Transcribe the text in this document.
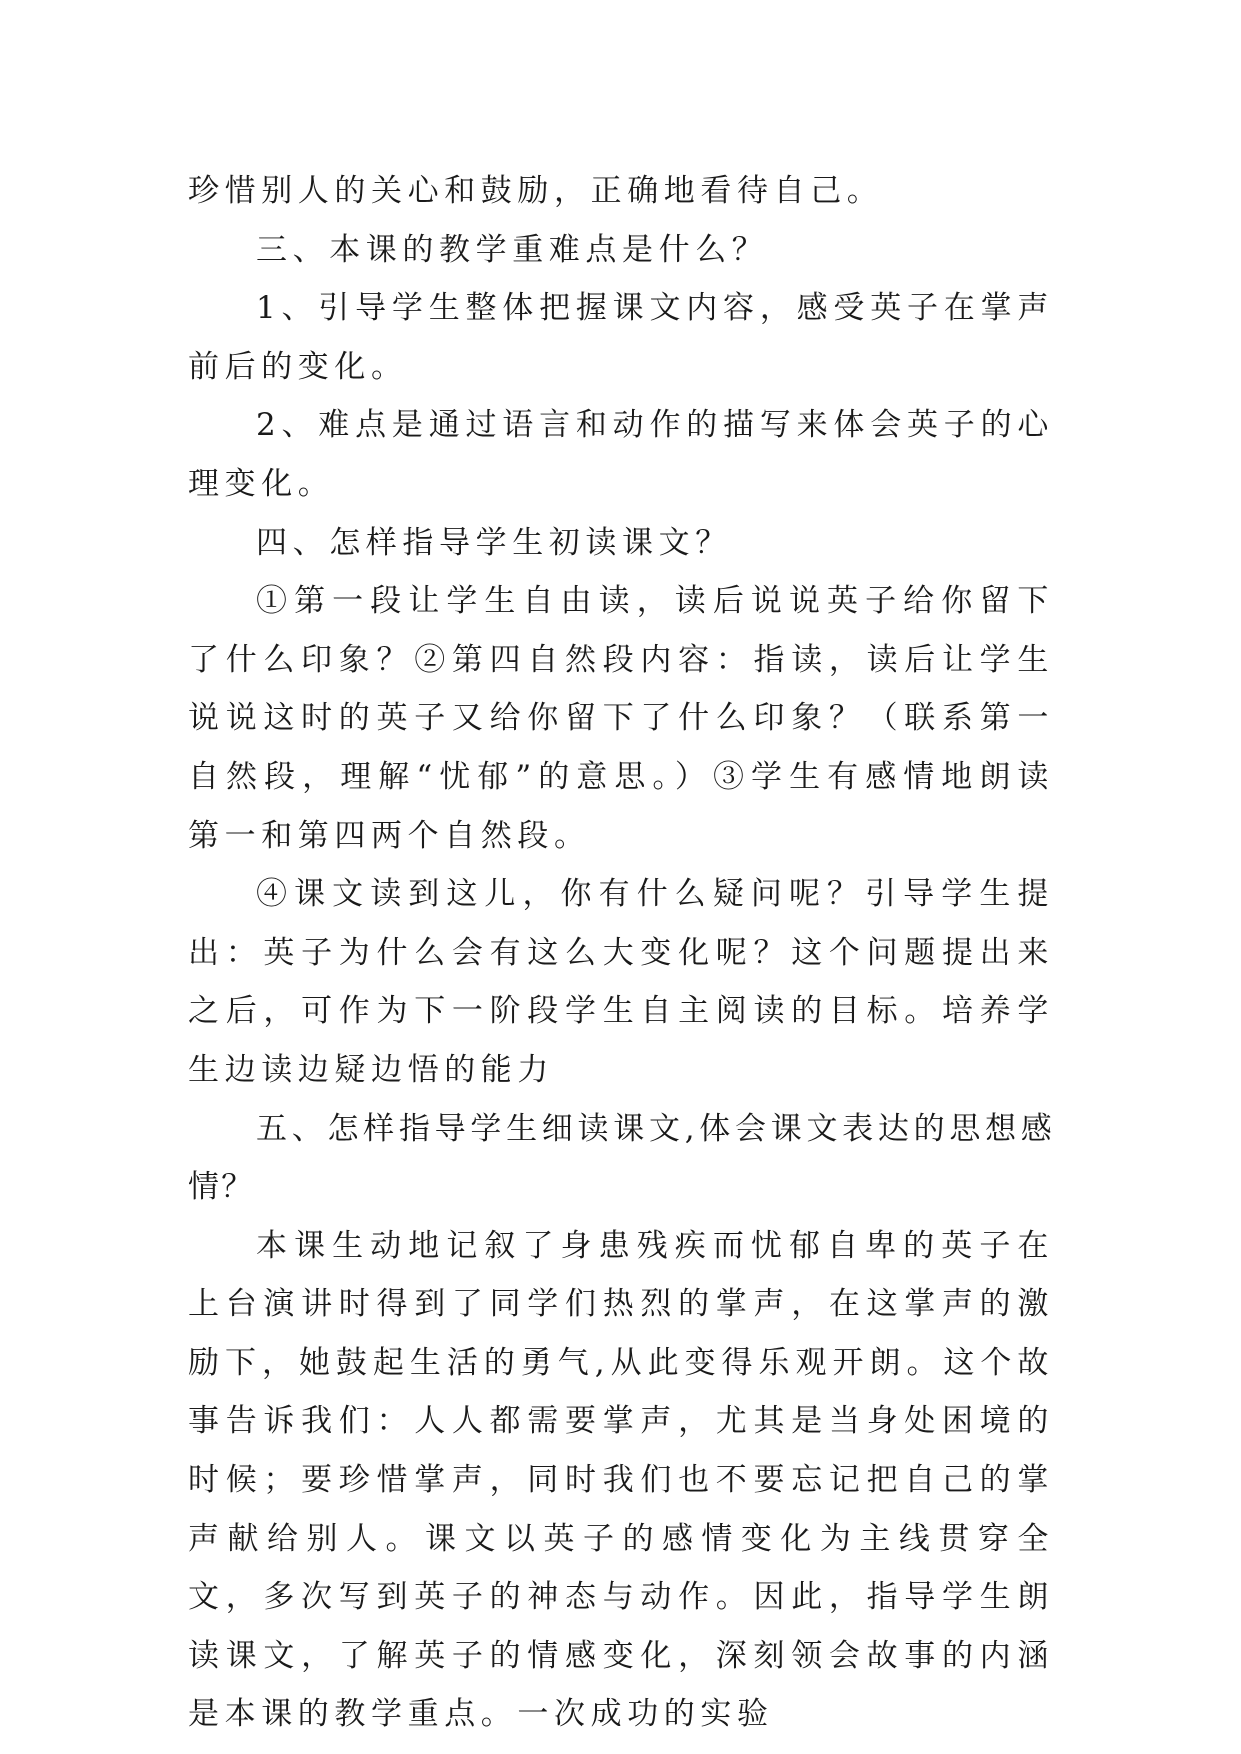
珍惜别人的关心和鼓励，正确地看待自己。

三、本课的教学重难点是什么？

1、引导学生整体把握课文内容，感受英子在掌声前后的变化。

2、难点是通过语言和动作的描写来体会英子的心理变化。

四、怎样指导学生初读课文？

①第一段让学生自由读，读后说说英子给你留下了什么印象？②第四自然段内容：指读，读后让学生说说这时的英子又给你留下了什么印象？（联系第一自然段，理解“忧郁”的意思。）③学生有感情地朗读第一和第四两个自然段。

④课文读到这儿，你有什么疑问呢？引导学生提出：英子为什么会有这么大变化呢？这个问题提出来之后，可作为下一阶段学生自主阅读的目标。培养学生边读边疑边悟的能力

五、怎样指导学生细读课文,体会课文表达的思想感情？

本课生动地记叙了身患残疾而忧郁自卑的英子在上台演讲时得到了同学们热烈的掌声，在这掌声的激励下，她鼓起生活的勇气,从此变得乐观开朗。这个故事告诉我们：人人都需要掌声，尤其是当身处困境的时候；要珍惜掌声，同时我们也不要忘记把自己的掌声献给别人。课文以英子的感情变化为主线贯穿全文，多次写到英子的神态与动作。因此，指导学生朗读课文，了解英子的情感变化，深刻领会故事的内涵是本课的教学重点。一次成功的实验
